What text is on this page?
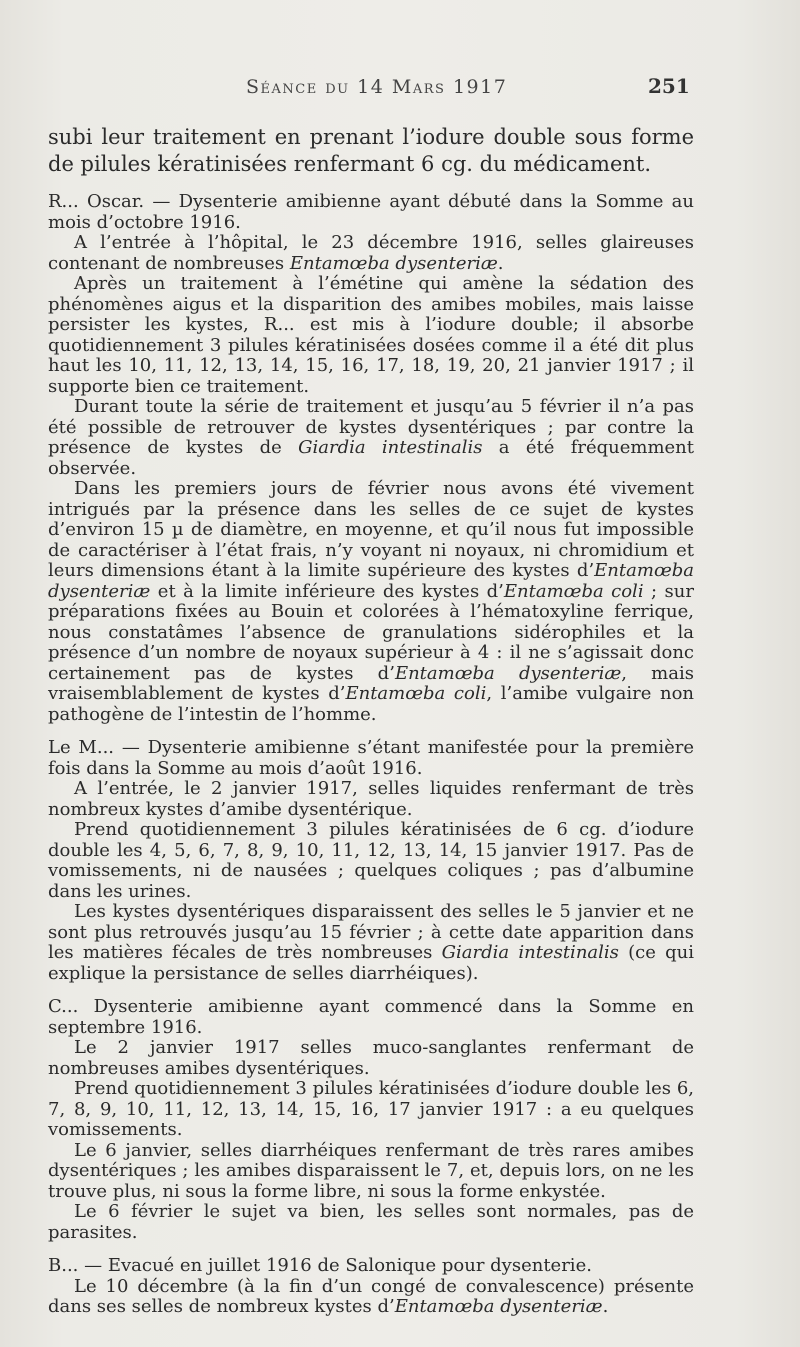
Séance du 14 Mars 1917	251

subi leur traitement en prenant l’iodure double sous forme de pilules kératinisées renfermant 6 cg. du médicament.

R... Oscar. — Dysenterie amibienne ayant débuté dans la Somme au mois d’octobre 1916.

A l’entrée à l’hôpital, le 23 décembre 1916, selles glaireuses contenant de nombreuses Entamœba dysenteriæ.

Après un traitement à l’émétine qui amène la sédation des phénomènes aigus et la disparition des amibes mobiles, mais laisse persister les kystes, R... est mis à l’iodure double; il absorbe quotidiennement 3 pilules kératinisées dosées comme il a été dit plus haut les 10, 11, 12, 13, 14, 15, 16, 17, 18, 19, 20, 21 janvier 1917 ; il supporte bien ce traitement.

Durant toute la série de traitement et jusqu’au 5 février il n’a pas été possible de retrouver de kystes dysentériques ; par contre la présence de kystes de Giardia intestinalis a été fréquemment observée.

Dans les premiers jours de février nous avons été vivement intrigués par la présence dans les selles de ce sujet de kystes d’environ 15 µ de diamètre, en moyenne, et qu’il nous fut impossible de caractériser à l’état frais, n’y voyant ni noyaux, ni chromidium et leurs dimensions étant à la limite supérieure des kystes d’Entamœba dysenteriæ et à la limite inférieure des kystes d’Entamœba coli ; sur préparations fixées au Bouin et colorées à l’hématoxyline ferrique, nous constatâmes l’absence de granulations sidérophiles et la présence d’un nombre de noyaux supérieur à 4 : il ne s’agissait donc certainement pas de kystes d’Entamœba dysenteriæ, mais vraisemblablement de kystes d’Entamœba coli, l’amibe vulgaire non pathogène de l’intestin de l’homme.

Le M... — Dysenterie amibienne s’étant manifestée pour la première fois dans la Somme au mois d’août 1916.

A l’entrée, le 2 janvier 1917, selles liquides renfermant de très nombreux kystes d’amibe dysentérique.

Prend quotidiennement 3 pilules kératinisées de 6 cg. d’iodure double les 4, 5, 6, 7, 8, 9, 10, 11, 12, 13, 14, 15 janvier 1917. Pas de vomissements, ni de nausées ; quelques coliques ; pas d’albumine dans les urines.

Les kystes dysentériques disparaissent des selles le 5 janvier et ne sont plus retrouvés jusqu’au 15 février ; à cette date apparition dans les matières fécales de très nombreuses Giardia intestinalis (ce qui explique la persistance de selles diarrhéiques).

C... Dysenterie amibienne ayant commencé dans la Somme en septembre 1916.

Le 2 janvier 1917 selles muco-sanglantes renfermant de nombreuses amibes dysentériques.

Prend quotidiennement 3 pilules kératinisées d’iodure double les 6, 7, 8, 9, 10, 11, 12, 13, 14, 15, 16, 17 janvier 1917 : a eu quelques vomissements.

Le 6 janvier, selles diarrhéiques renfermant de très rares amibes dysentériques ; les amibes disparaissent le 7, et, depuis lors, on ne les trouve plus, ni sous la forme libre, ni sous la forme enkystée.

Le 6 février le sujet va bien, les selles sont normales, pas de parasites.

B... — Evacué en juillet 1916 de Salonique pour dysenterie.

Le 10 décembre (à la fin d’un congé de convalescence) présente dans ses selles de nombreux kystes d’Entamœba dysenteriæ.
